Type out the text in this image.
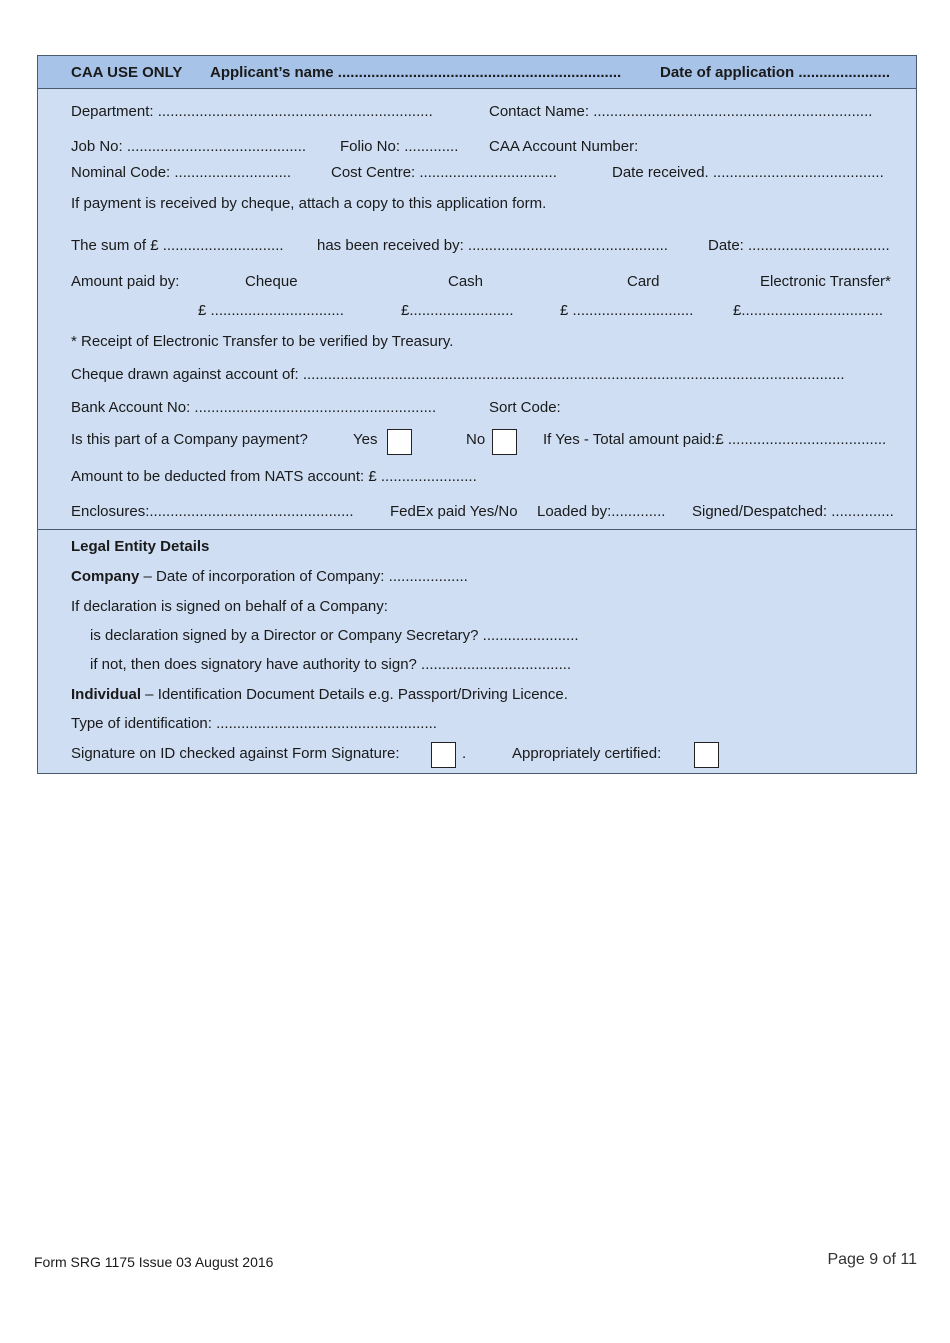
CAA USE ONLY Applicant’s name ....................................................................	Date of application ......................
Department: ..................................................................	Contact Name: ...................................................................
Job No: ........................................... Folio No: ............. CAA Account Number:
Nominal Code: ............................	Cost Centre: .................................	Date received. .........................................
If payment is received by cheque, attach a copy to this application form.
The sum of £ ............................. has been received by: ................................................	Date: ..................................
Amount paid by:	Cheque	Cash	Card	Electronic Transfer*
£ ................................	£.........................	£ .............................	£..................................
* Receipt of Electronic Transfer to be verified by Treasury.
Cheque drawn against account of: ..................................................................................................................................
Bank Account No: ..........................................................	Sort Code:
Is this part of a Company payment?	Yes	No	If Yes - Total amount paid:£ ......................................
Amount to be deducted from NATS account: £ .......................
Enclosures:................................................. FedEx paid Yes/No Loaded by:............. Signed/Despatched: ...............
Legal Entity Details
Company – Date of incorporation of Company: ...................
If declaration is signed on behalf of a Company:
is declaration signed by a Director or Company Secretary? .......................
if not, then does signatory have authority to sign? ....................................
Individual – Identification Document Details e.g. Passport/Driving Licence.
Type of identification: .....................................................
Signature on ID checked against Form Signature:	.	Appropriately certified:
Form SRG 1175 Issue 03 August 2016	Page 9 of 11
